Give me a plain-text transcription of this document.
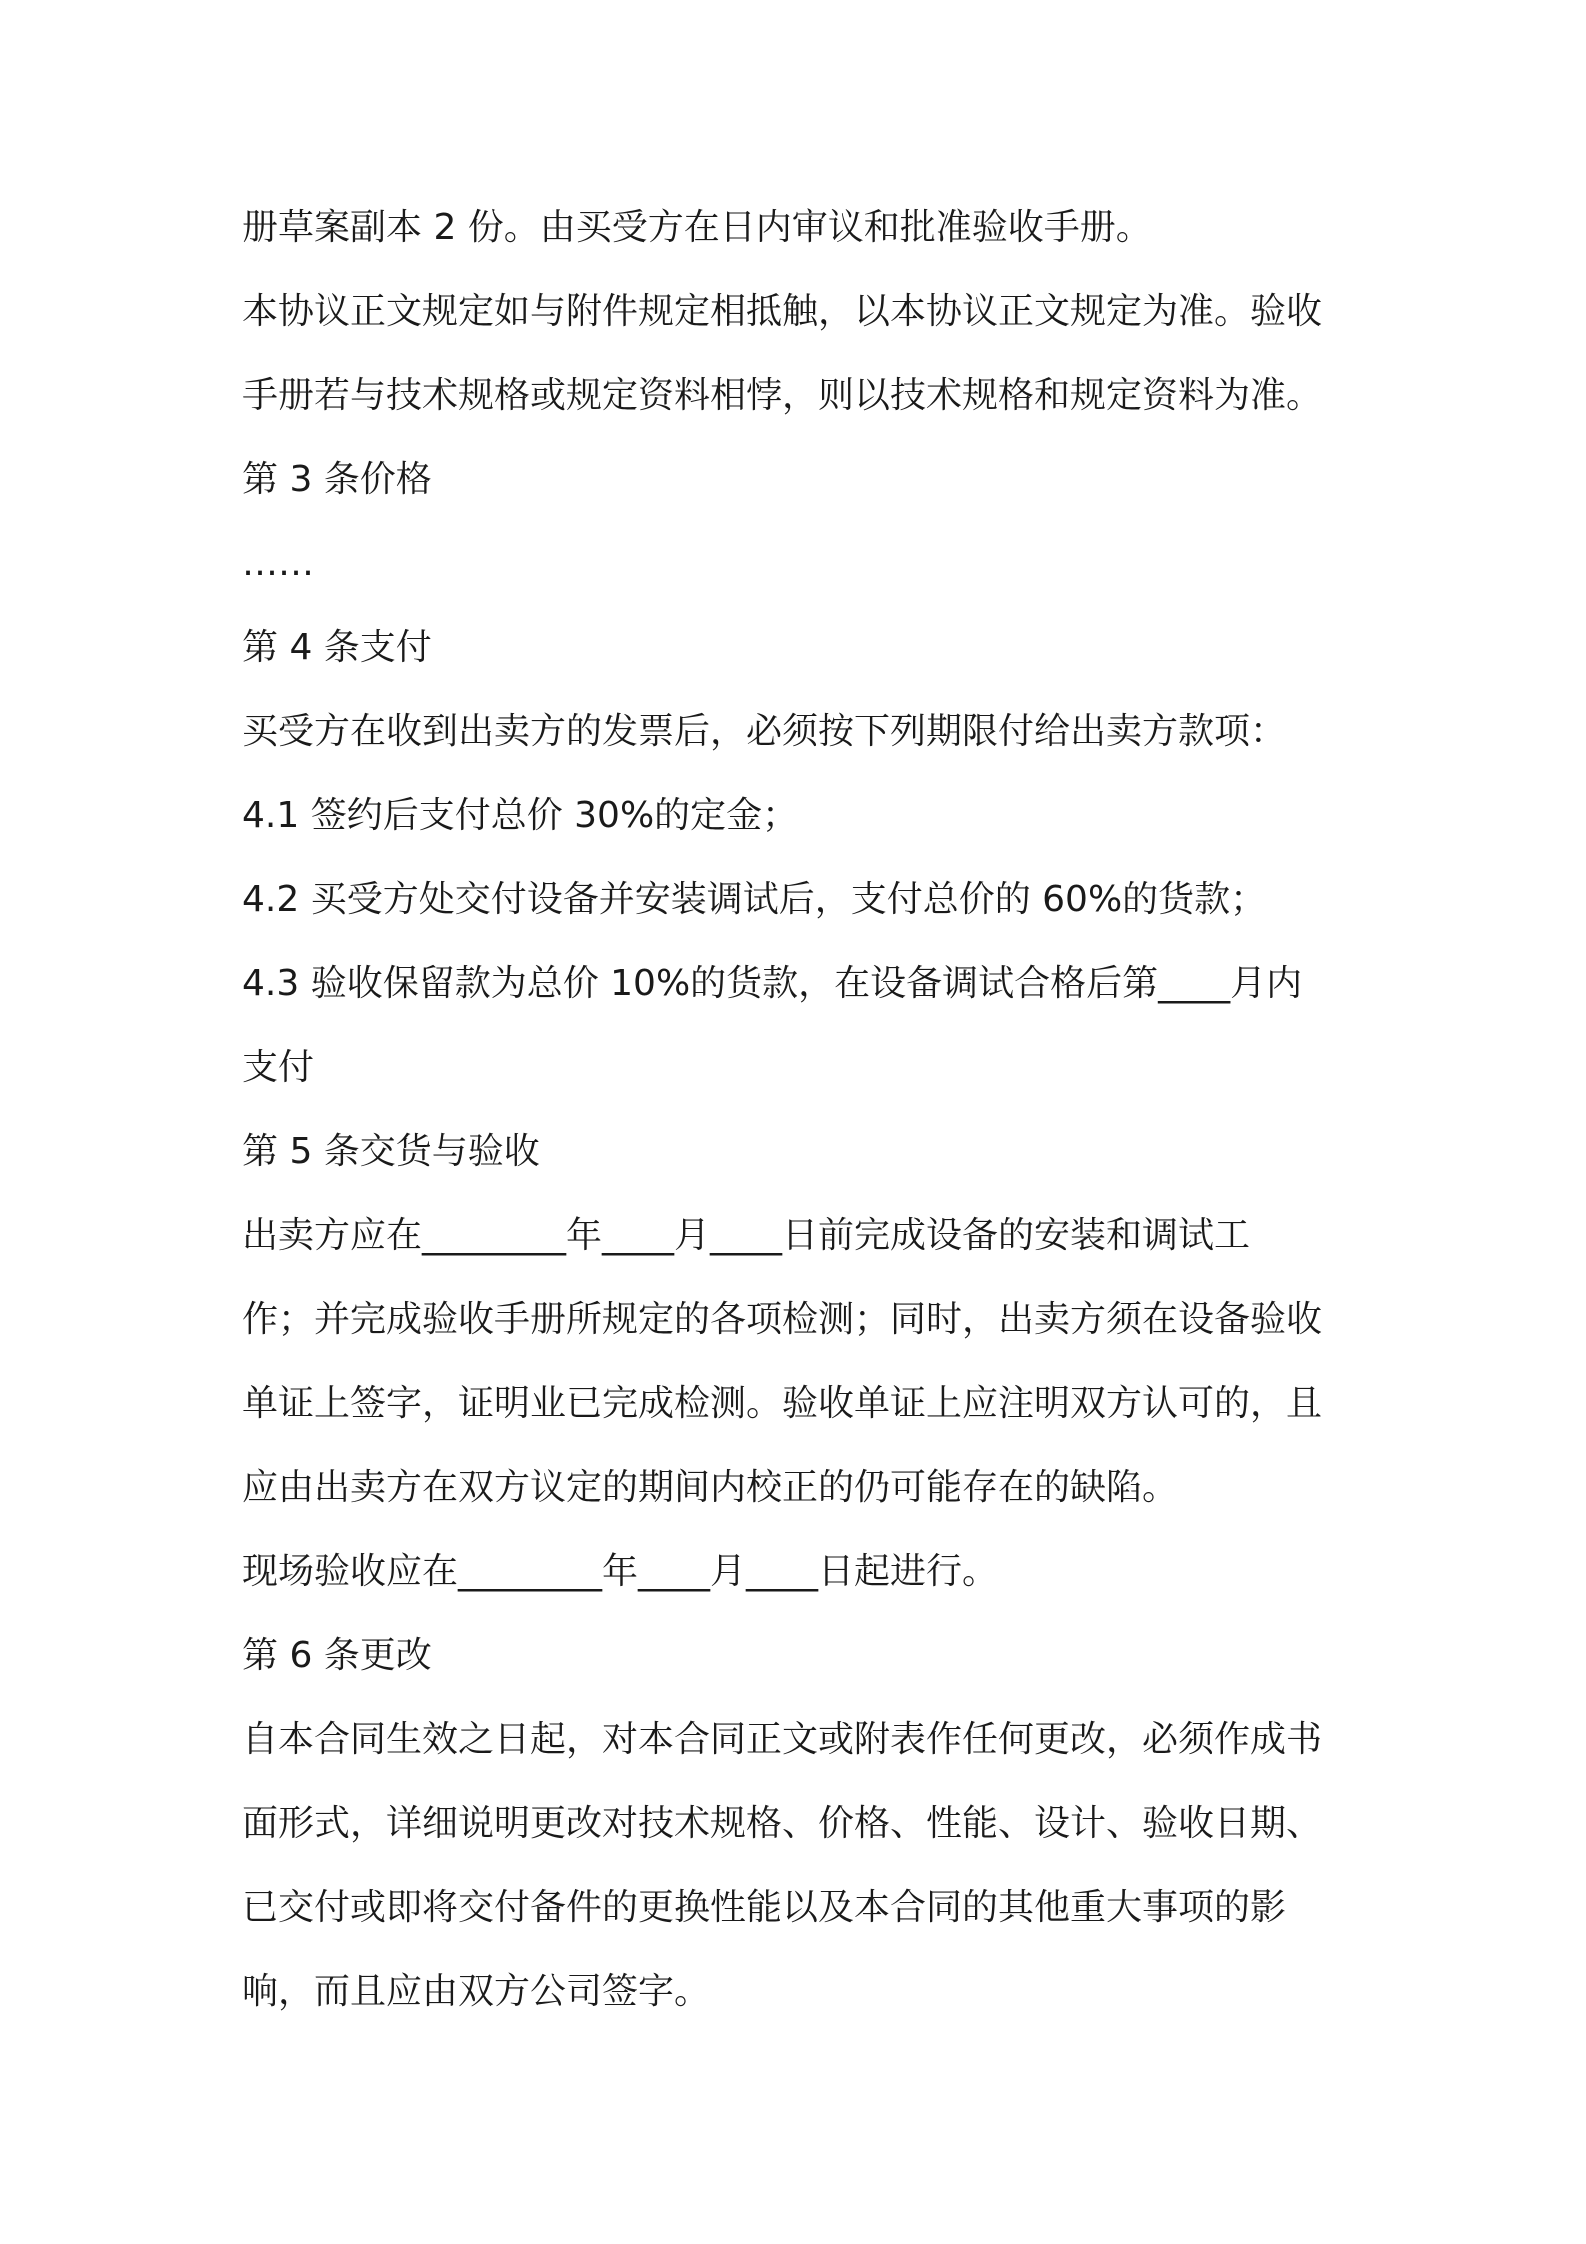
册草案副本 2 份。由买受方在日内审议和批准验收手册。
本协议正文规定如与附件规定相抵触，以本协议正文规定为准。验收
手册若与技术规格或规定资料相悖，则以技术规格和规定资料为准。
第 3 条价格
……
第 4 条支付
买受方在收到出卖方的发票后，必须按下列期限付给出卖方款项：
4.1 签约后支付总价 30%的定金；
4.2 买受方处交付设备并安装调试后，支付总价的 60%的货款；
4.3 验收保留款为总价 10%的货款，在设备调试合格后第____月内
支付
第 5 条交货与验收
出卖方应在________年____月____日前完成设备的安装和调试工
作；并完成验收手册所规定的各项检测；同时，出卖方须在设备验收
单证上签字，证明业已完成检测。验收单证上应注明双方认可的，且
应由出卖方在双方议定的期间内校正的仍可能存在的缺陷。
现场验收应在________年____月____日起进行。
第 6 条更改
自本合同生效之日起，对本合同正文或附表作任何更改，必须作成书
面形式，详细说明更改对技术规格、价格、性能、设计、验收日期、
已交付或即将交付备件的更换性能以及本合同的其他重大事项的影
响，而且应由双方公司签字。
